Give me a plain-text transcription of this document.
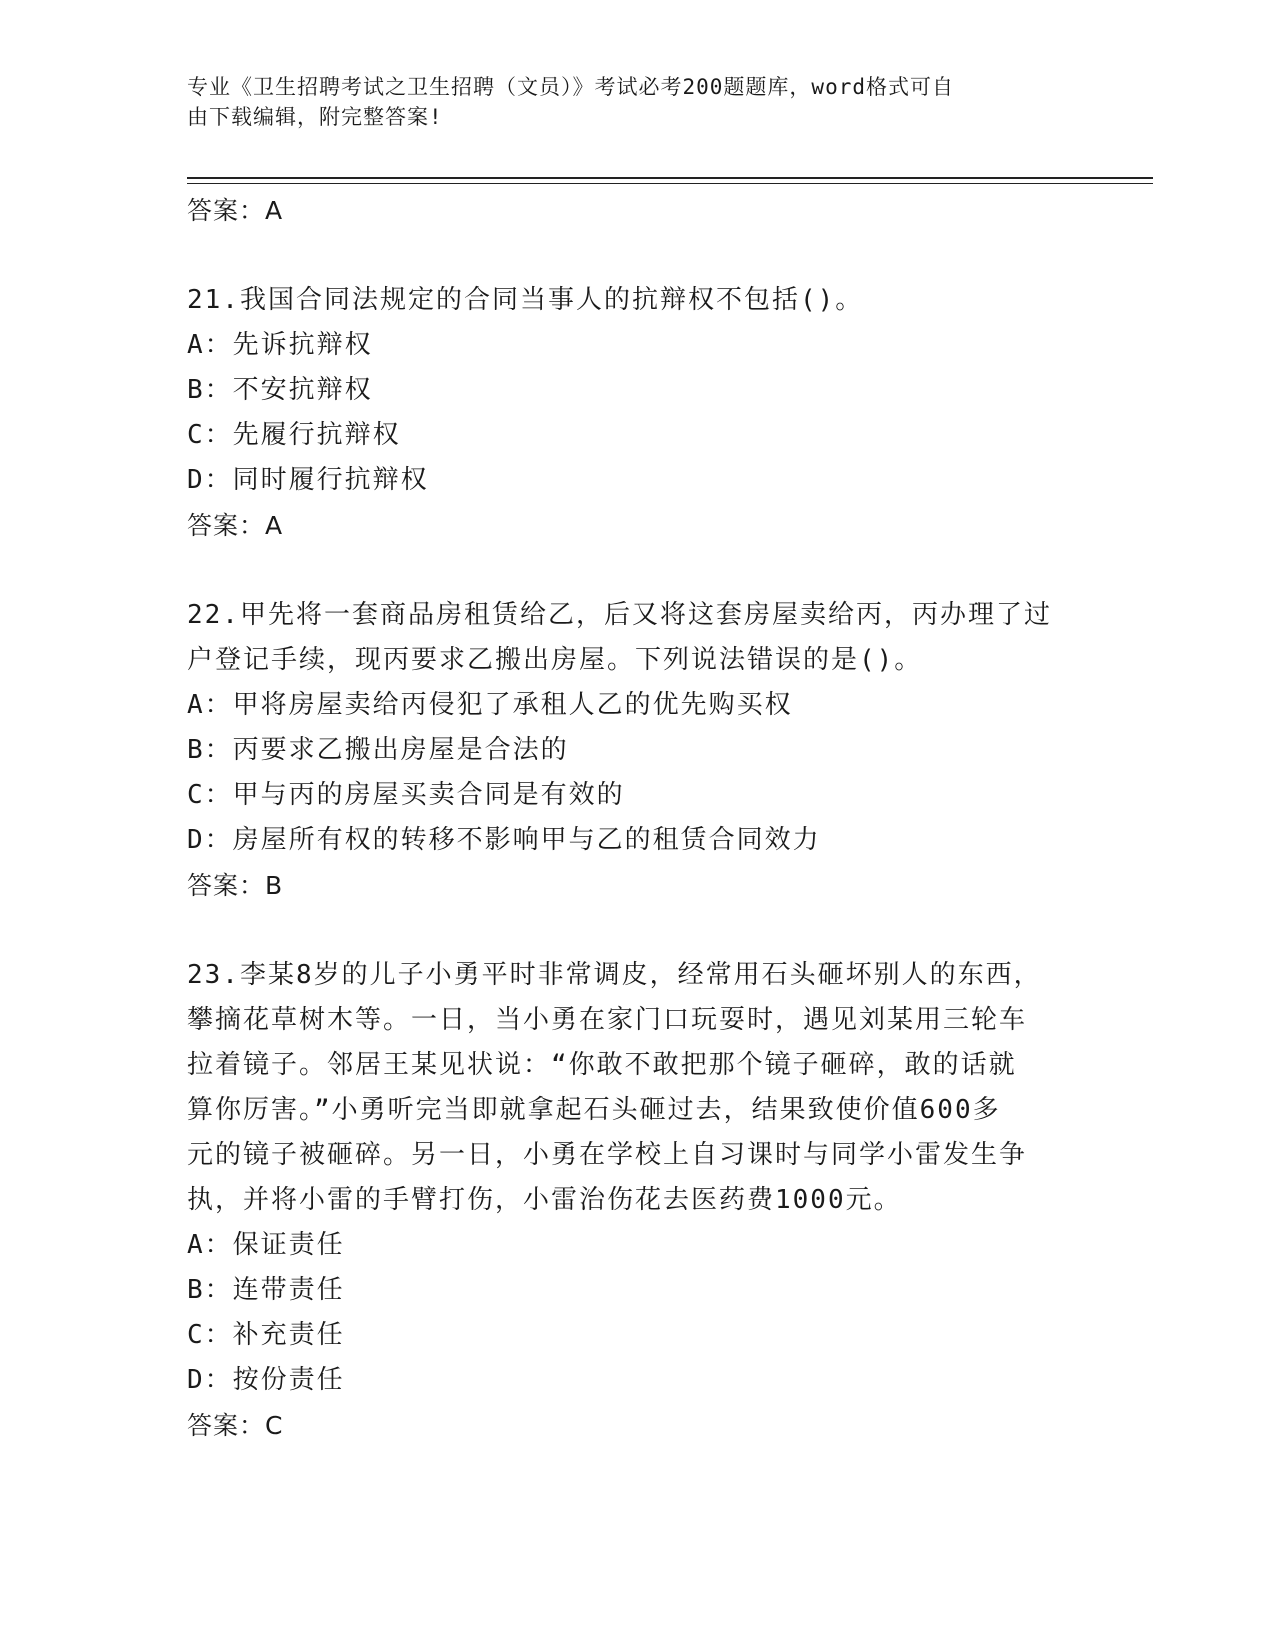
专业《卫生招聘考试之卫生招聘（文员）》考试必考200题题库，word格式可自
由下载编辑，附完整答案!
答案：A
21.我国合同法规定的合同当事人的抗辩权不包括()。
A：先诉抗辩权
B：不安抗辩权
C：先履行抗辩权
D：同时履行抗辩权
答案：A
22.甲先将一套商品房租赁给乙，后又将这套房屋卖给丙，丙办理了过
户登记手续，现丙要求乙搬出房屋。下列说法错误的是()。
A：甲将房屋卖给丙侵犯了承租人乙的优先购买权
B：丙要求乙搬出房屋是合法的
C：甲与丙的房屋买卖合同是有效的
D：房屋所有权的转移不影响甲与乙的租赁合同效力
答案：B
23.李某8岁的儿子小勇平时非常调皮，经常用石头砸坏别人的东西，
攀摘花草树木等。一日，当小勇在家门口玩耍时，遇见刘某用三轮车
拉着镜子。邻居王某见状说：“你敢不敢把那个镜子砸碎，敢的话就
算你厉害。”小勇听完当即就拿起石头砸过去，结果致使价值600多
元的镜子被砸碎。另一日，小勇在学校上自习课时与同学小雷发生争
执，并将小雷的手臂打伤，小雷治伤花去医药费1000元。
A：保证责任
B：连带责任
C：补充责任
D：按份责任
答案：C
